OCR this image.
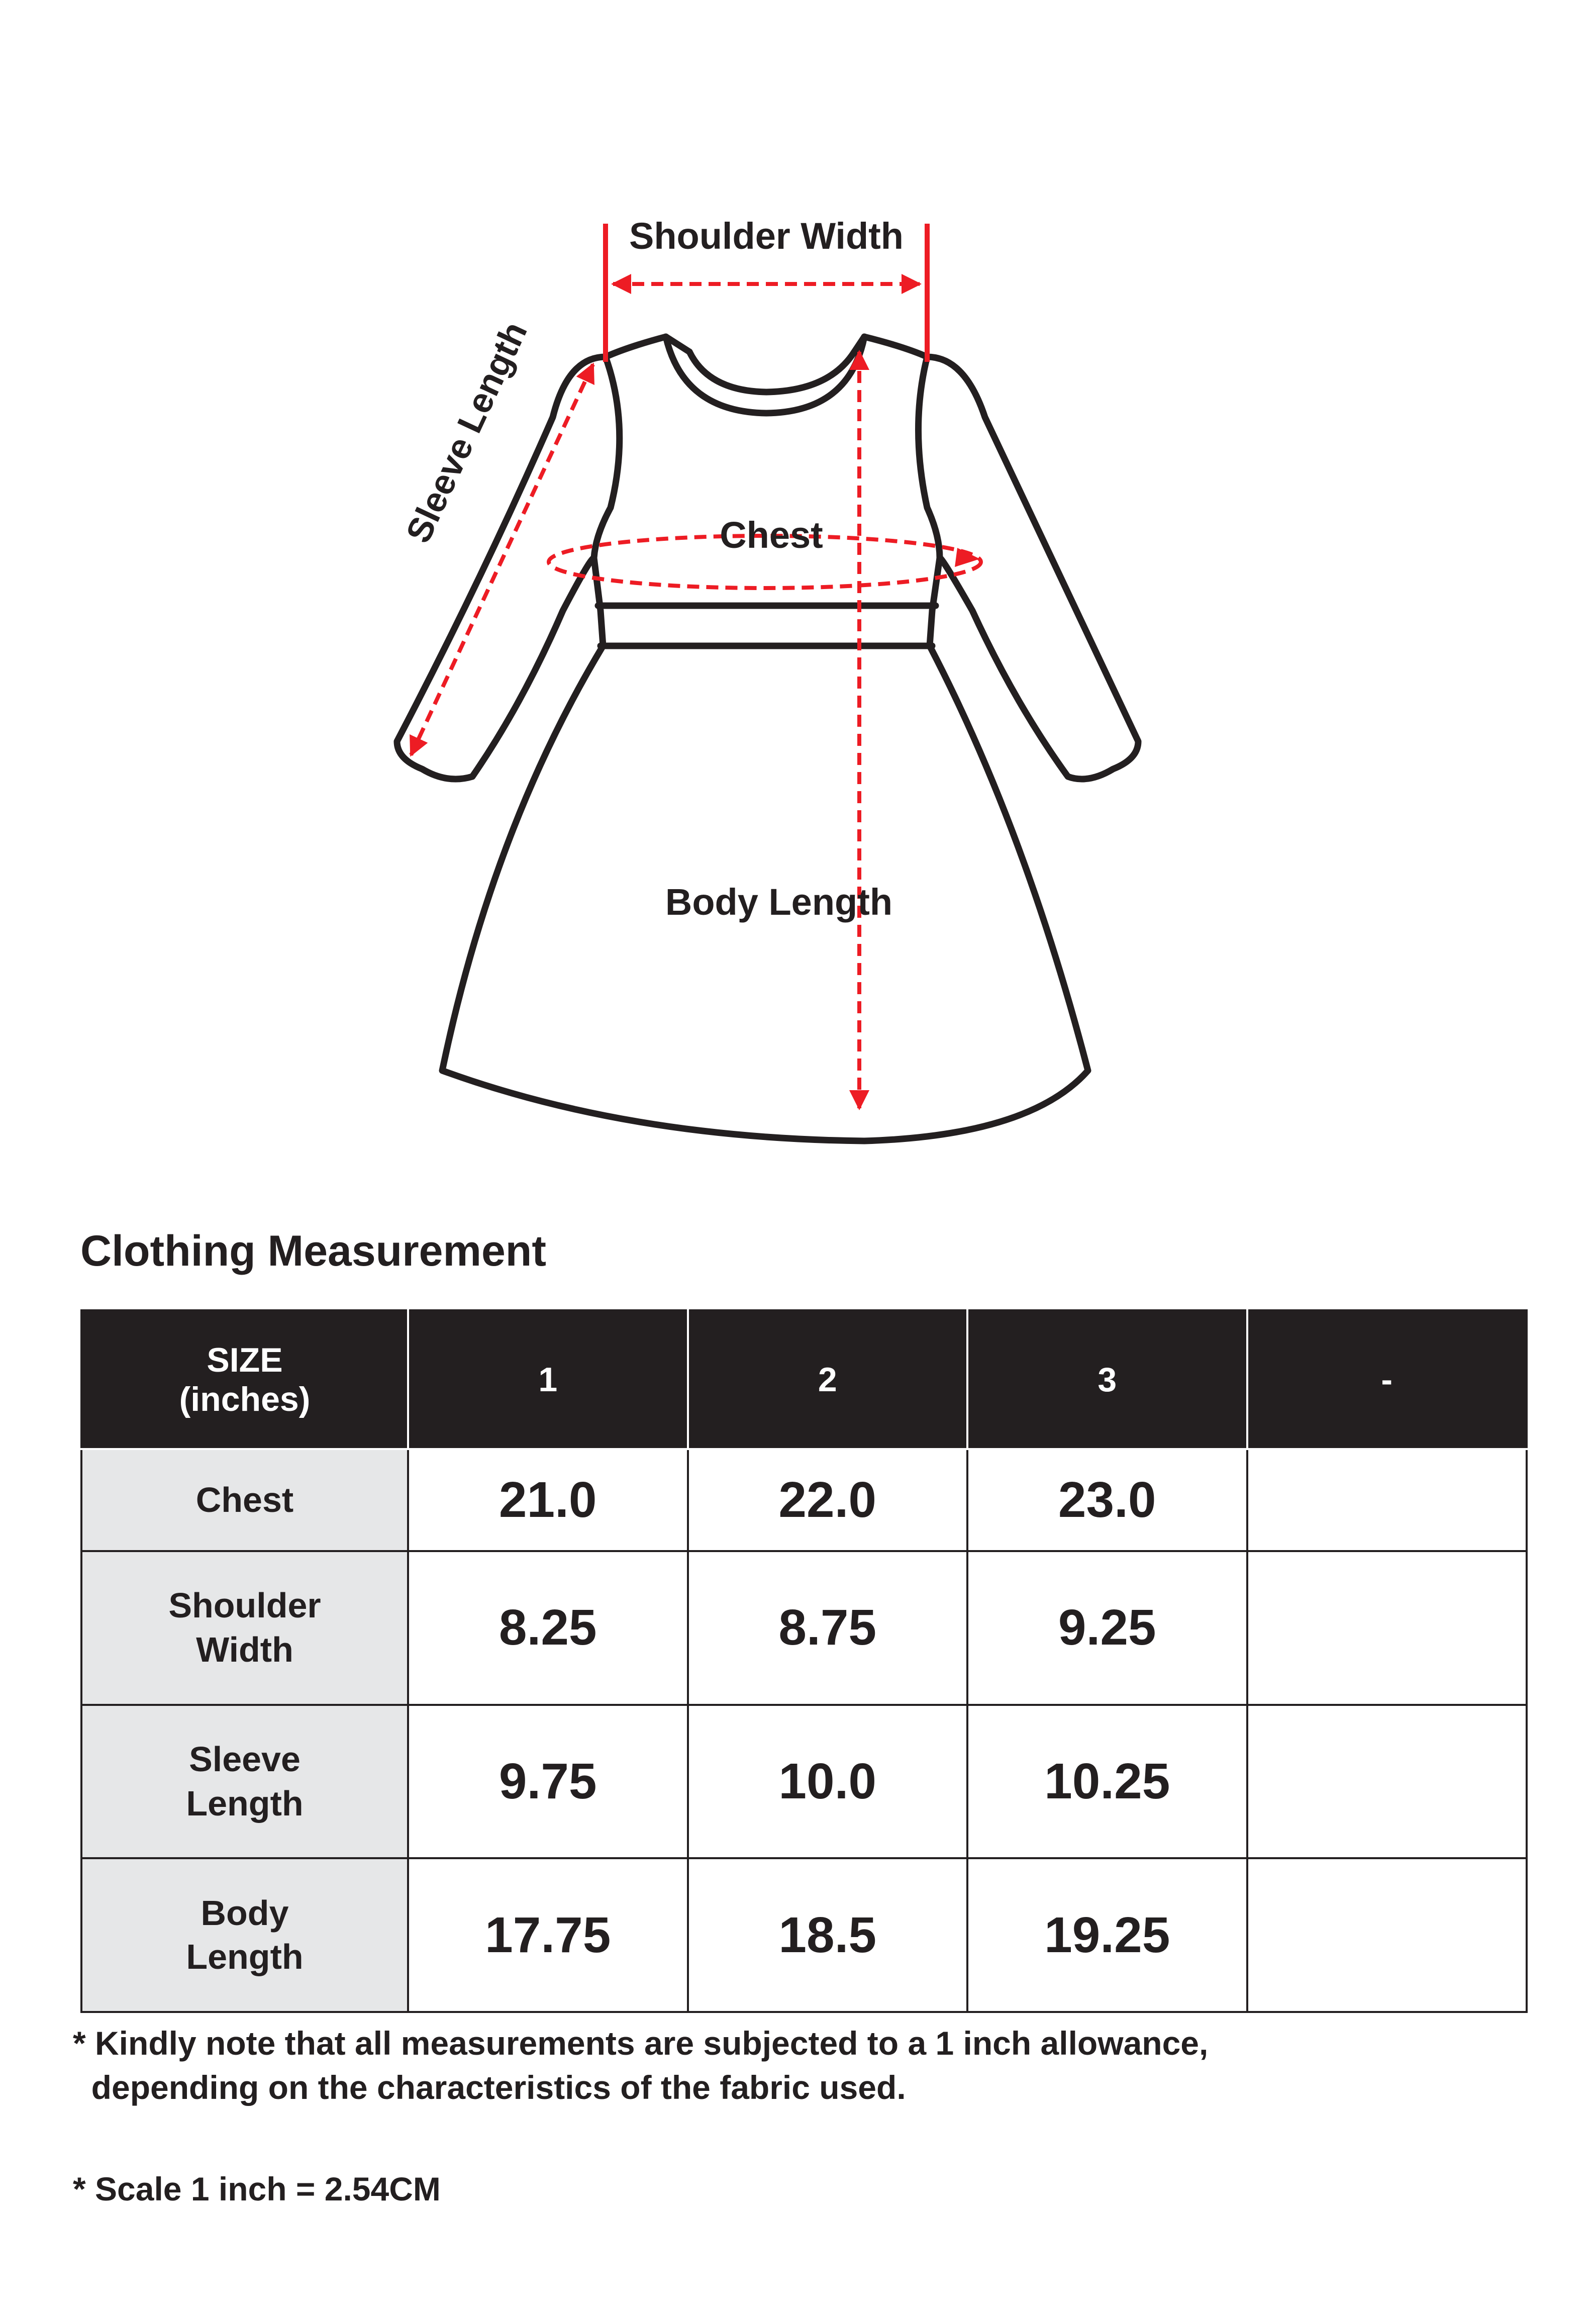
Shoulder Width
Sleeve Length	Chest
Body Length
Clothing Measurement
SIZE
(inches)	1	2	3	-
Chest	21.0	22.0	23.0	
Shoulder
Width	8.25	8.75	9.25	
Sleeve
Length	9.75	10.0	10.25	
Body
Length	17.75	18.5	19.25	

* Kindly note that all measurements are subjected to a 1 inch allowance,

depending on the characteristics of the fabric used.

* Scale 1 inch = 2.54CM
